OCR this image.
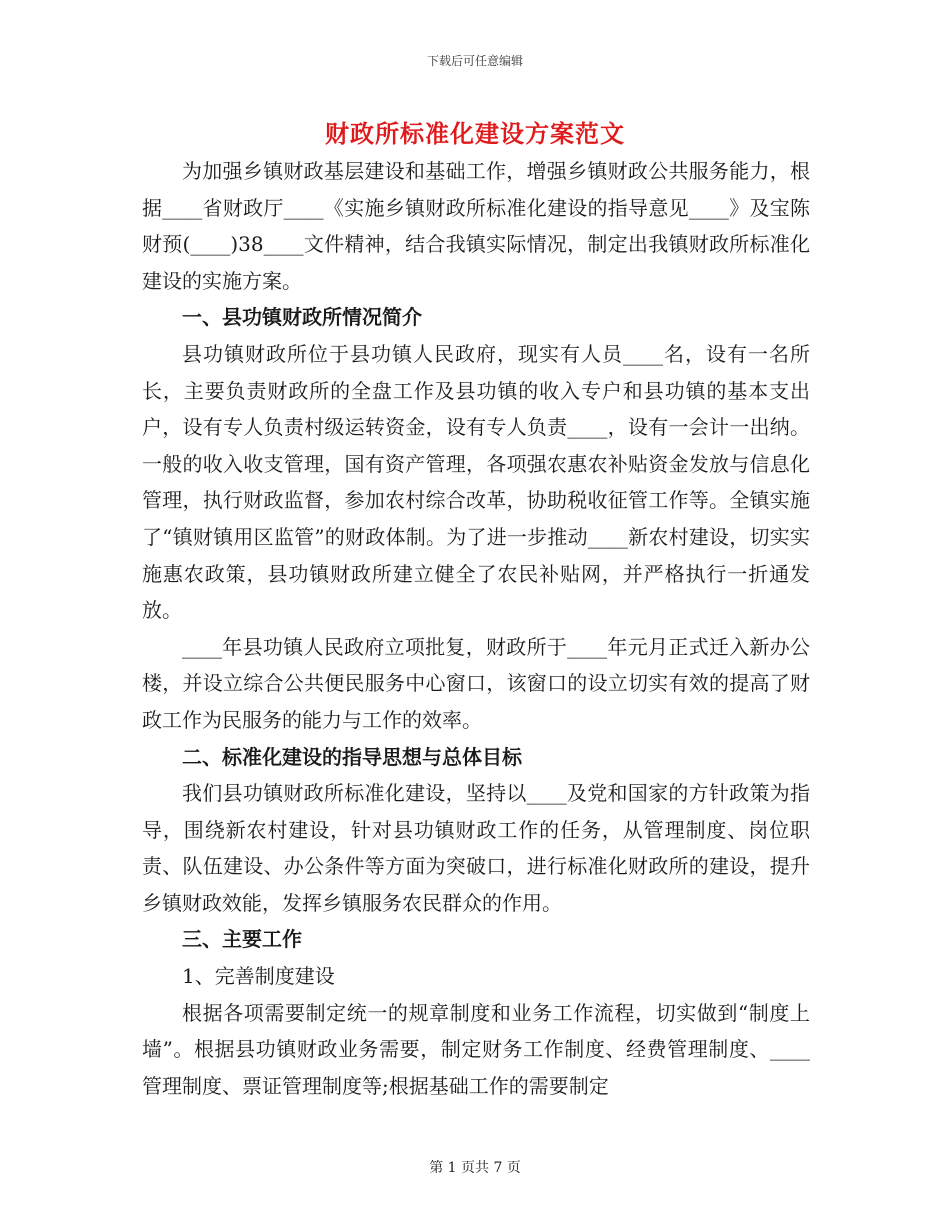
下载后可任意编辑
财政所标准化建设方案范文

为加强乡镇财政基层建设和基础工作，增强乡镇财政公共服务能力，根据____省财政厅____《实施乡镇财政所标准化建设的指导意见____》及宝陈财预(____)38____文件精神，结合我镇实际情况，制定出我镇财政所标准化建设的实施方案。

一、县功镇财政所情况简介

县功镇财政所位于县功镇人民政府，现实有人员____名，设有一名所长，主要负责财政所的全盘工作及县功镇的收入专户和县功镇的基本支出户，设有专人负责村级运转资金，设有专人负责____，设有一会计一出纳。一般的收入收支管理，国有资产管理，各项强农惠农补贴资金发放与信息化管理，执行财政监督，参加农村综合改革，协助税收征管工作等。全镇实施了“镇财镇用区监管”的财政体制。为了进一步推动____新农村建设，切实实施惠农政策，县功镇财政所建立健全了农民补贴网，并严格执行一折通发放。

____年县功镇人民政府立项批复，财政所于____年元月正式迁入新办公楼，并设立综合公共便民服务中心窗口，该窗口的设立切实有效的提高了财政工作为民服务的能力与工作的效率。

二、标准化建设的指导思想与总体目标

我们县功镇财政所标准化建设，坚持以____及党和国家的方针政策为指导，围绕新农村建设，针对县功镇财政工作的任务，从管理制度、岗位职责、队伍建设、办公条件等方面为突破口，进行标准化财政所的建设，提升乡镇财政效能，发挥乡镇服务农民群众的作用。

三、主要工作

1、完善制度建设

根据各项需要制定统一的规章制度和业务工作流程，切实做到“制度上墙”。根据县功镇财政业务需要，制定财务工作制度、经费管理制度、____管理制度、票证管理制度等;根据基础工作的需要制定

第 1 页共 7 页
